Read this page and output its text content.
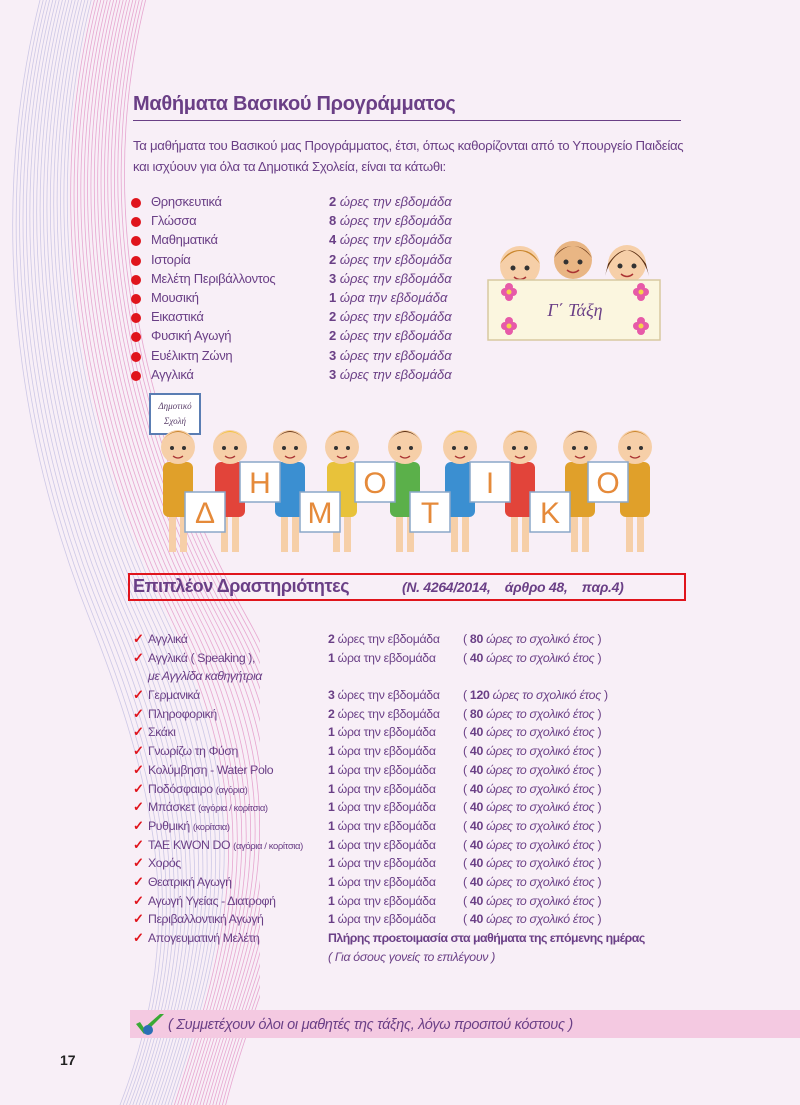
Μαθήματα Βασικού Προγράμματος
Τα μαθήματα του Βασικού μας Προγράμματος, έτσι, όπως καθορίζονται από το Υπουργείο Παιδείας
και ισχύουν για όλα τα Δημοτικά Σχολεία, είναι τα κάτωθι:
Θρησκευτικά	2 ώρες την εβδομάδα
Γλώσσα	8 ώρες την εβδομάδα
Μαθηματικά	4 ώρες την εβδομάδα
Ιστορία	2 ώρες την εβδομάδα
Μελέτη Περιβάλλοντος	3 ώρες την εβδομάδα
Μουσική	1 ώρα την εβδομάδα
Εικαστικά	2 ώρες την εβδομάδα
Φυσική Αγωγή	2 ώρες την εβδομάδα
Ευέλικτη Ζώνη	3 ώρες την εβδομάδα
Αγγλικά	3 ώρες την εβδομάδα
Γ΄ Τάξη
Δημοτικό
Σχολή
Η	Ο	Ι	Ο
Δ	Μ	Τ	Κ
Επιπλέον Δραστηριότητες	(Ν. 4264/2014,    άρθρο 48,    παρ.4)
✓ Αγγλικά	2 ώρες την εβδομάδα ( 80 ώρες το σχολικό έτος )
✓ Αγγλικά ( Speaking ),	1 ώρα την εβδομάδα ( 40 ώρες το σχολικό έτος )
με Αγγλίδα καθηγήτρια
✓ Γερμανικά	3 ώρες την εβδομάδα ( 120 ώρες το σχολικό έτος )
✓ Πληροφορική	2 ώρες την εβδομάδα ( 80 ώρες το σχολικό έτος )
✓ Σκάκι	1 ώρα την εβδομάδα ( 40 ώρες το σχολικό έτος )
✓ Γνωρίζω τη Φύση	1 ώρα την εβδομάδα ( 40 ώρες το σχολικό έτος )
✓ Κολύμβηση - Water Polo	1 ώρα την εβδομάδα ( 40 ώρες το σχολικό έτος )
✓ Ποδόσφαιρο (αγόρια)	1 ώρα την εβδομάδα ( 40 ώρες το σχολικό έτος )
✓ Μπάσκετ (αγόρια / κορίτσια)	1 ώρα την εβδομάδα ( 40 ώρες το σχολικό έτος )
✓ Ρυθμική (κορίτσια)	1 ώρα την εβδομάδα ( 40 ώρες το σχολικό έτος )
✓ TAE KWON DO (αγόρια / κορίτσια) 1 ώρα την εβδομάδα ( 40 ώρες το σχολικό έτος )
✓ Χορός	1 ώρα την εβδομάδα ( 40 ώρες το σχολικό έτος )
✓ Θεατρική Αγωγή	1 ώρα την εβδομάδα ( 40 ώρες το σχολικό έτος )
✓ Αγωγή Υγείας - Διατροφή	1 ώρα την εβδομάδα ( 40 ώρες το σχολικό έτος )
✓ Περιβαλλοντική Αγωγή	1 ώρα την εβδομάδα ( 40 ώρες το σχολικό έτος )
✓ Απογευματινή Μελέτη	Πλήρης προετοιμασία στα μαθήματα της επόμενης ημέρας
( Για όσους γονείς το επιλέγουν )
( Συμμετέχουν όλοι οι μαθητές της τάξης, λόγω προσιτού κόστους )
17
